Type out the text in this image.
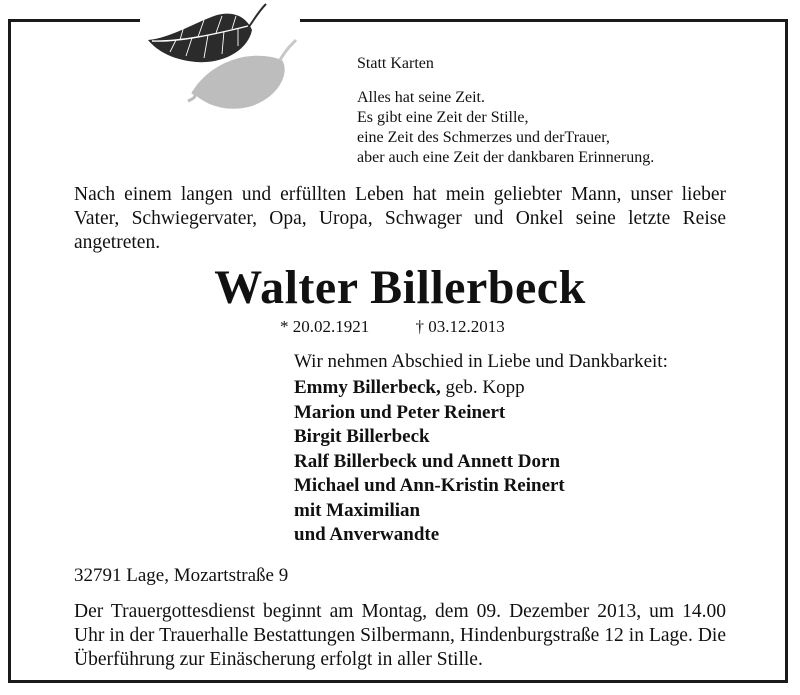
Statt Karten
Alles hat seine Zeit.
Es gibt eine Zeit der Stille,
eine Zeit des Schmerzes und derTrauer,
aber auch eine Zeit der dankbaren Erinnerung.
Nach einem langen und erfüllten Leben hat mein geliebter Mann, unser lieber Vater, Schwiegervater, Opa, Uropa, Schwager und Onkel seine letzte Reise angetreten.
Walter Billerbeck
* 20.02.1921	† 03.12.2013
Wir nehmen Abschied in Liebe und Dankbarkeit:
Emmy Billerbeck, geb. Kopp
Marion und Peter Reinert
Birgit Billerbeck
Ralf Billerbeck und Annett Dorn
Michael und Ann-Kristin Reinert
mit Maximilian
und Anverwandte
32791 Lage, Mozartstraße 9
Der Trauergottesdienst beginnt am Montag, dem 09. Dezember 2013, um 14.00 Uhr in der Trauerhalle Bestattungen Silbermann, Hindenburgstraße 12 in Lage. Die Überführung zur Einäscherung erfolgt in aller Stille.
